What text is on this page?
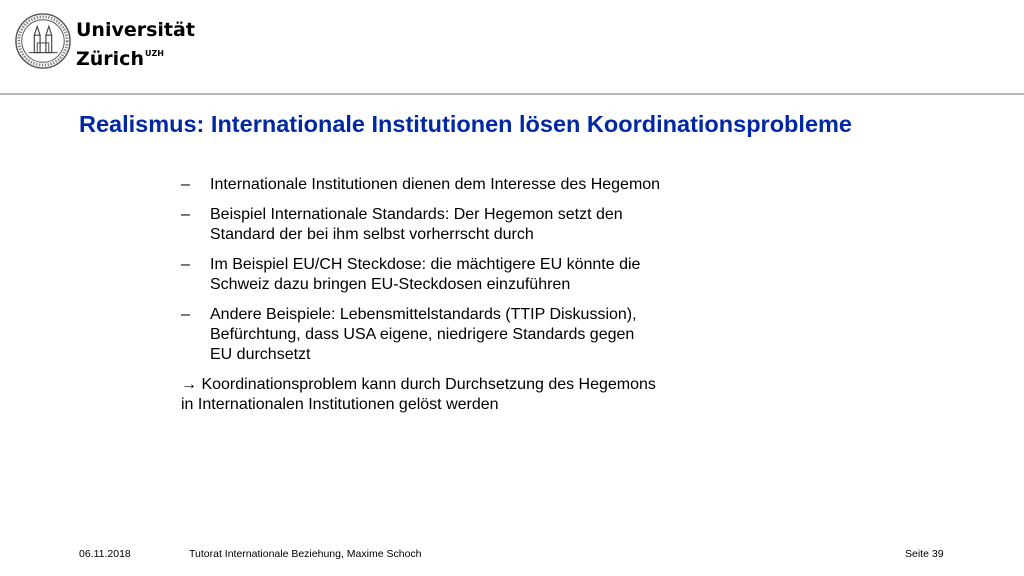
Universität
Zürich$^{UZH}$
Realismus: Internationale Institutionen lösen Koordinationsprobleme
– Internationale Institutionen dienen dem Interesse des Hegemon
– Beispiel Internationale Standards: Der Hegemon setzt den
Standard der bei ihm selbst vorherrscht durch
– Im Beispiel EU/CH Steckdose: die mächtigere EU könnte die
Schweiz dazu bringen EU-Steckdosen einzuführen
– Andere Beispiele: Lebensmittelstandards (TTIP Diskussion),
Befürchtung, dass USA eigene, niedrigere Standards gegen
EU durchsetzt
→ Koordinationsproblem kann durch Durchsetzung des Hegemons
in Internationalen Institutionen gelöst werden
06.11.2018	Tutorat Internationale Beziehung, Maxime Schoch	Seite 39
